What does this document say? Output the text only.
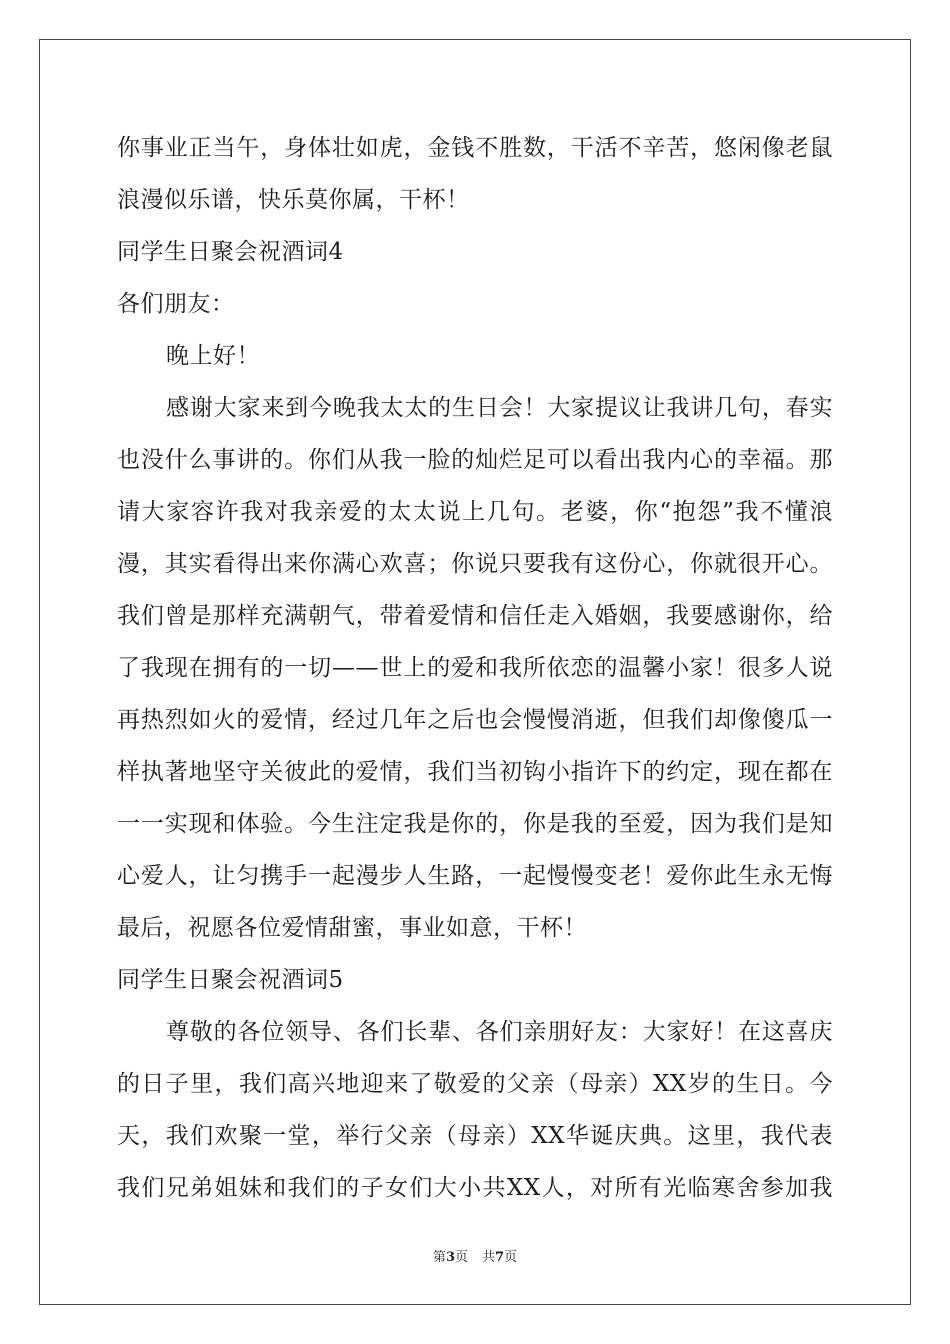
你事业正当午，身体壮如虎，金钱不胜数，干活不辛苦，悠闲像老鼠
浪漫似乐谱，快乐莫你属，干杯！
同学生日聚会祝酒词4
各们朋友：
晚上好！
感谢大家来到今晚我太太的生日会！大家提议让我讲几句，春实
也没什么事讲的。你们从我一脸的灿烂足可以看出我内心的幸福。那
请大家容许我对我亲爱的太太说上几句。老婆，你“抱怨”我不懂浪
漫，其实看得出来你满心欢喜；你说只要我有这份心，你就很开心。
我们曾是那样充满朝气，带着爱情和信任走入婚姻，我要感谢你，给
了我现在拥有的一切——世上的爱和我所依恋的温馨小家！很多人说
再热烈如火的爱情，经过几年之后也会慢慢消逝，但我们却像傻瓜一
样执著地坚守关彼此的爱情，我们当初钩小指许下的约定，现在都在
一一实现和体验。今生注定我是你的，你是我的至爱，因为我们是知
心爱人，让匀携手一起漫步人生路，一起慢慢变老！爱你此生永无悔
最后，祝愿各位爱情甜蜜，事业如意，干杯！
同学生日聚会祝酒词5
尊敬的各位领导、各们长辈、各们亲朋好友：大家好！在这喜庆
的日子里，我们高兴地迎来了敬爱的父亲（母亲）XX岁的生日。今
天，我们欢聚一堂，举行父亲（母亲）XX华诞庆典。这里，我代表
我们兄弟姐妹和我们的子女们大小共XX人，对所有光临寒舍参加我
第3页 共7页
